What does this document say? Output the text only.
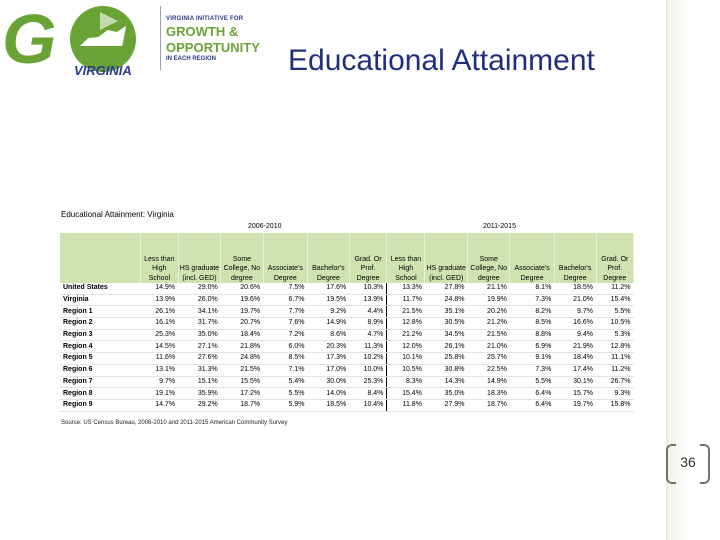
G VIRGINIA
VIRGINIA INITIATIVE FOR
GROWTH &
OPPORTUNITY
IN EACH REGION Educational Attainment
Educational Attainment: Virginia
2006-2010	2011-2015
	Less than High School	HS graduate (incl. GED)	Some College, No degree	Associate's Degree	Bachelor's Degree	Grad. Or Prof. Degree	Less than High School	HS graduate (incl. GED)	Some College, No degree	Associate's Degree	Bachelor's Degree	Grad. Or Prof. Degree
United States	14.9%	29.0%	20.6%	7.5%	17.6%	10.3%	13.3%	27.8%	21.1%	8.1%	18.5%	11.2%
Virginia	13.9%	26.0%	19.6%	6.7%	19.5%	13.9%	11.7%	24.8%	19.9%	7.3%	21.0%	15.4%
Region 1	26.1%	34.1%	19.7%	7.7%	9.2%	4.4%	21.5%	35.1%	20.2%	8.2%	9.7%	5.5%
Region 2	16.1%	31.7%	20.7%	7.6%	14.9%	8.9%	12.8%	30.5%	21.2%	8.5%	16.6%	10.5%
Region 3	25.3%	35.0%	18.4%	7.2%	8.6%	4.7%	21.2%	34.5%	21.5%	8.8%	9.4%	5.3%
Region 4	14.5%	27.1%	21.8%	6.0%	20.3%	11.3%	12.0%	26.1%	21.0%	6.9%	21.9%	12.8%
Region 5	11.6%	27.6%	24.8%	8.5%	17.3%	10.2%	10.1%	25.8%	25.7%	9.1%	18.4%	11.1%
Region 6	13.1%	31.3%	21.5%	7.1%	17.0%	10.0%	10.5%	30.8%	22.5%	7.3%	17.4%	11.2%
Region 7	9.7%	15.1%	15.5%	5.4%	30.0%	25.3%	8.3%	14.3%	14.9%	5.5%	30.1%	26.7%
Region 8	19.1%	35.9%	17.2%	5.5%	14.0%	8.4%	15.4%	35.0%	18.3%	6.4%	15.7%	9.3%
Region 9	14.7%	29.2%	18.7%	5.9%	18.5%	10.4%	11.8%	27.9%	18.7%	6.4%	19.7%	15.8%
Source: US Census Bureau, 2006-2010 and 2011-2015 American Community Survey
36
